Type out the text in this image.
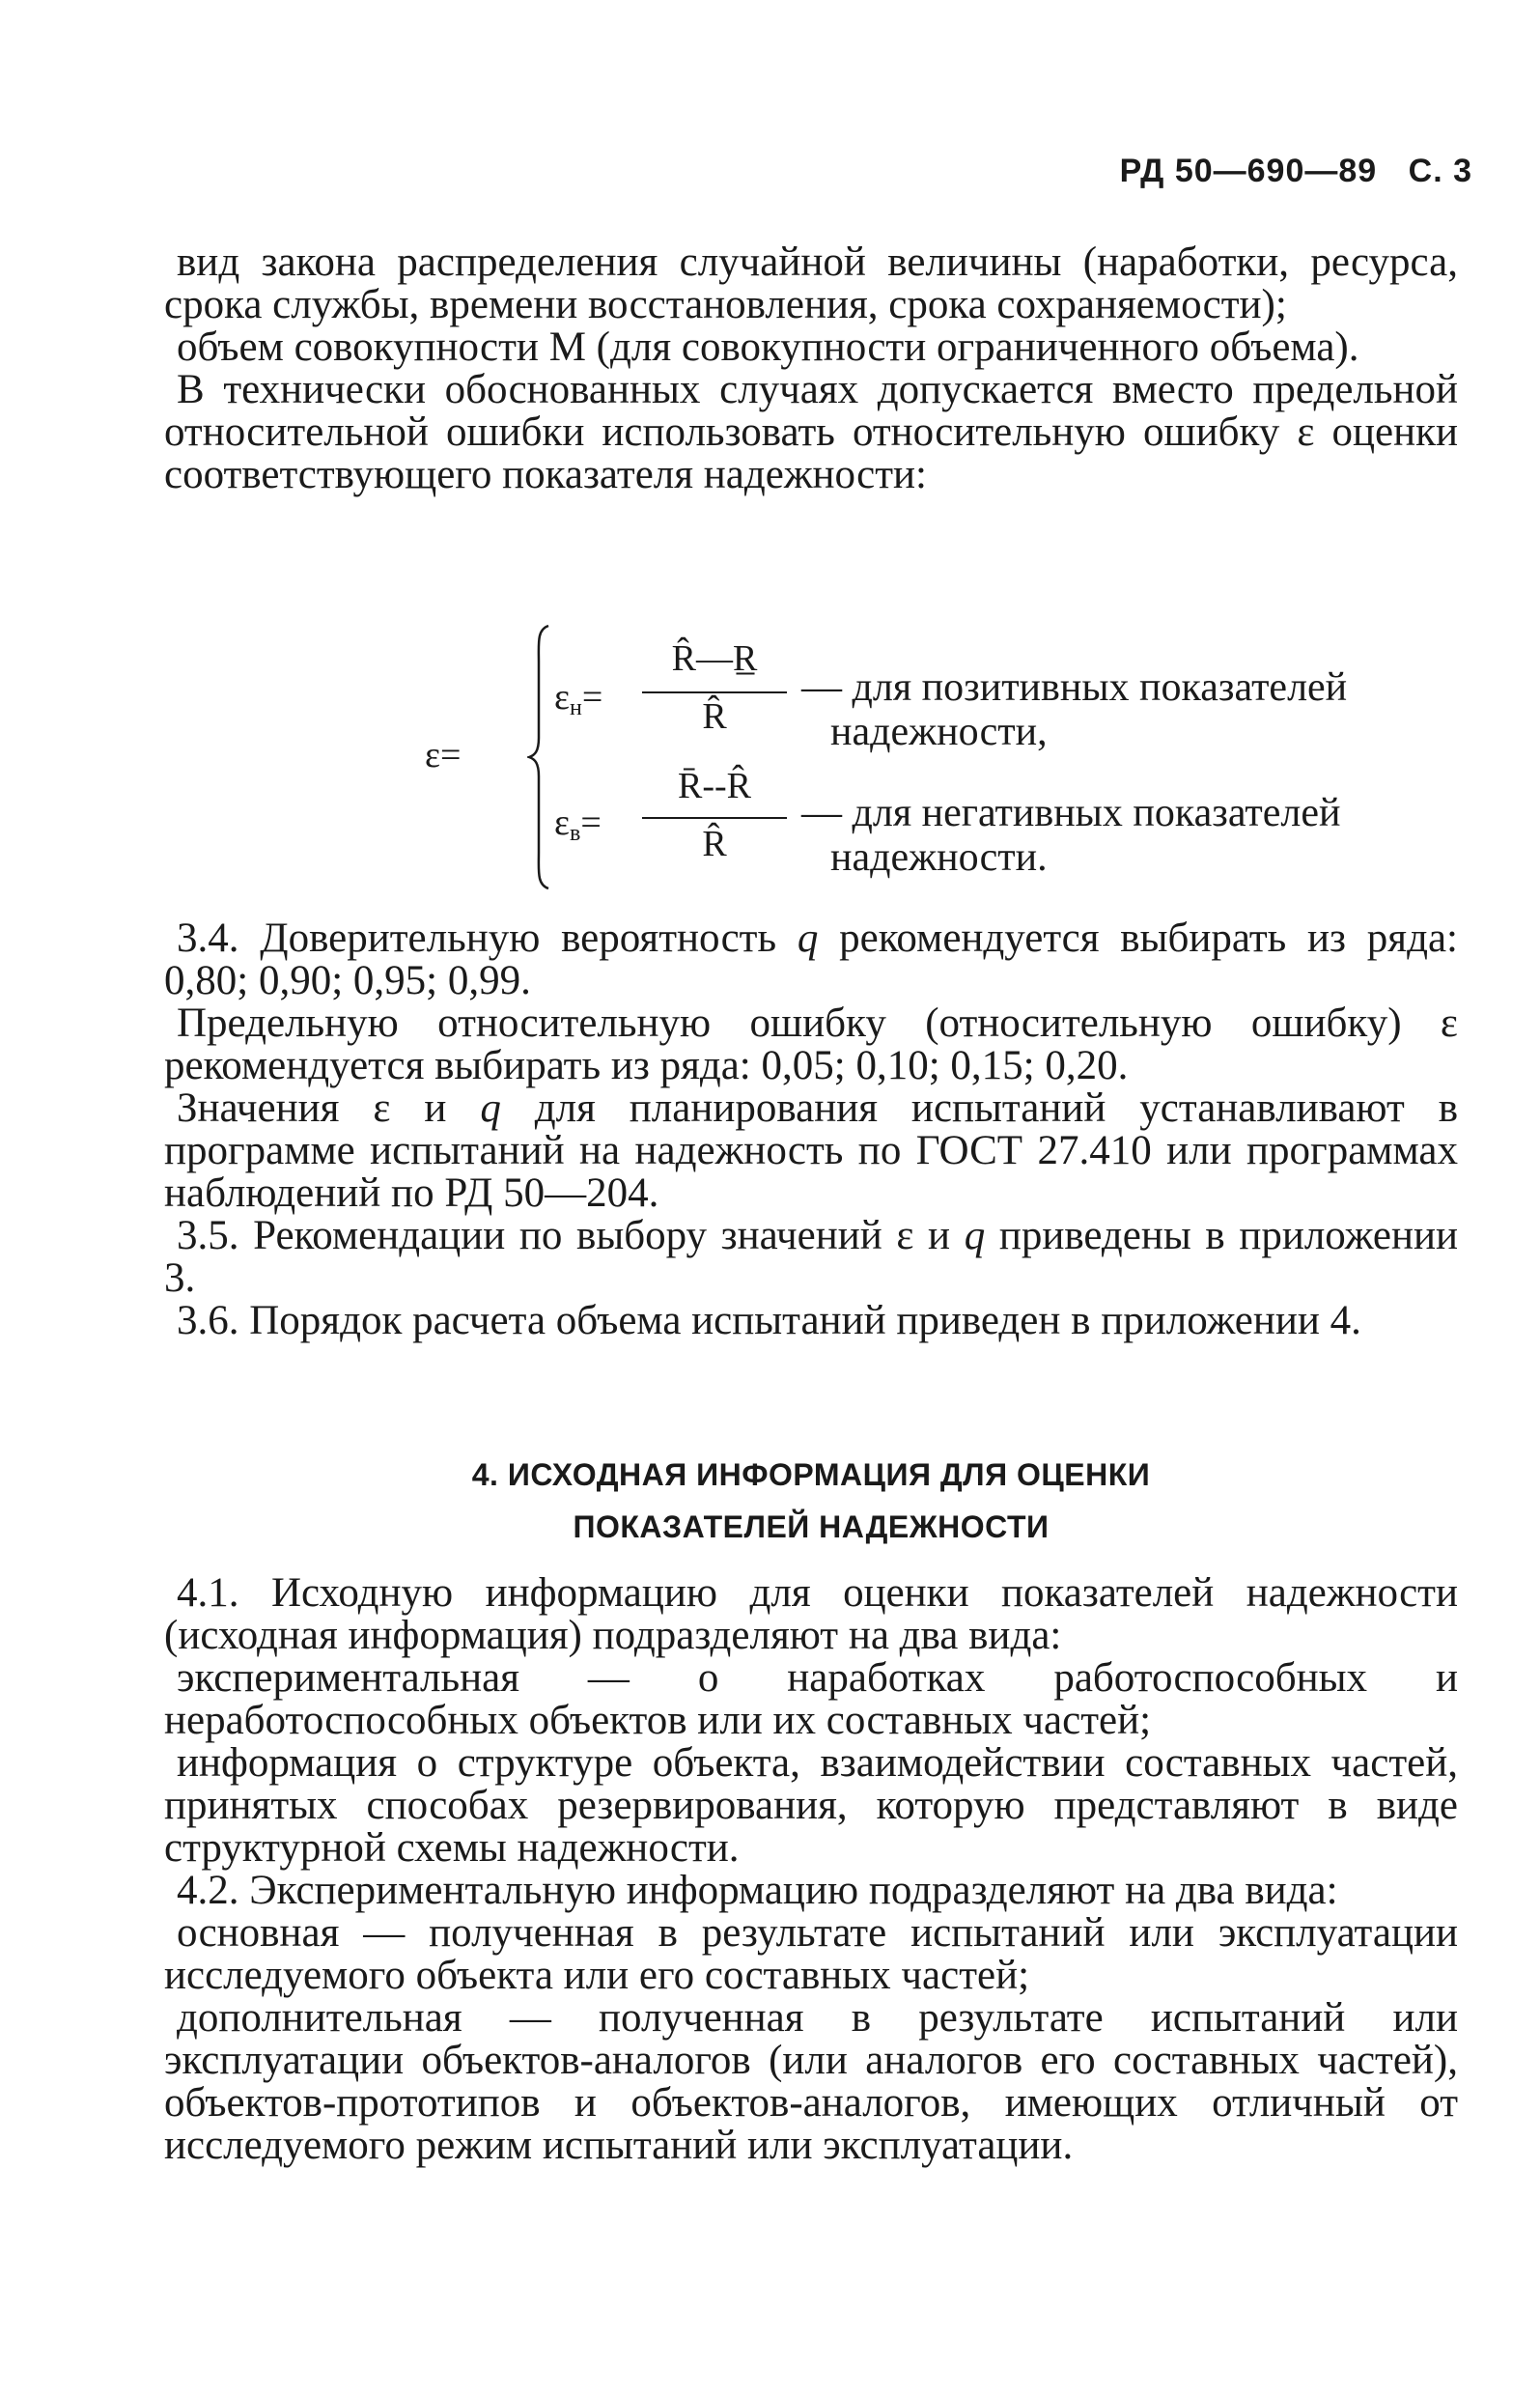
РД 50—690—89 С. 3

вид закона распределения случайной величины (наработки, ресурса, срока службы, времени восстановления, срока сохраняемости);

объем совокупности М (для совокупности ограниченного объема).

В технически обоснованных случаях допускается вместо предельной относительной ошибки использовать относительную ошибку ε оценки соответствующего показателя надежности:

ε=
$\varepsilon_н=$
R̂—R̲
R̂
— для позитивных показателей
надежности,
$\varepsilon_в=$
R̄--R̂
R̂
— для негативных показателей
надежности.

3.4. Доверительную вероятность q рекомендуется выбирать из ряда: 0,80; 0,90; 0,95; 0,99.

Предельную относительную ошибку (относительную ошибку) ε рекомендуется выбирать из ряда: 0,05; 0,10; 0,15; 0,20.

Значения ε и q для планирования испытаний устанавливают в программе испытаний на надежность по ГОСТ 27.410 или программах наблюдений по РД 50—204.

3.5. Рекомендации по выбору значений ε и q приведены в приложении 3.

3.6. Порядок расчета объема испытаний приведен в приложении 4.

4. ИСХОДНАЯ ИНФОРМАЦИЯ ДЛЯ ОЦЕНКИ
ПОКАЗАТЕЛЕЙ НАДЕЖНОСТИ

4.1. Исходную информацию для оценки показателей надежности (исходная информация) подразделяют на два вида:

экспериментальная — о наработках работоспособных и неработоспособных объектов или их составных частей;

информация о структуре объекта, взаимодействии составных частей, принятых способах резервирования, которую представляют в виде структурной схемы надежности.

4.2. Экспериментальную информацию подразделяют на два вида:

основная — полученная в результате испытаний или эксплуатации исследуемого объекта или его составных частей;

дополнительная — полученная в результате испытаний или эксплуатации объектов-аналогов (или аналогов его составных частей), объектов-прототипов и объектов-аналогов, имеющих отличный от исследуемого режим испытаний или эксплуатации.
